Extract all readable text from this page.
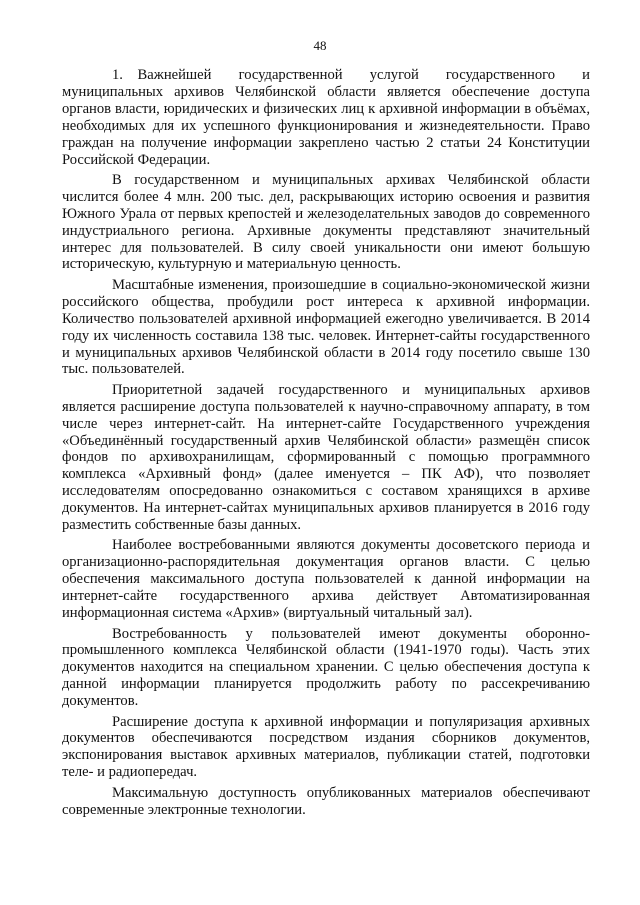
48

1. Важнейшей государственной услугой государственного и муниципальных архивов Челябинской области является обеспечение доступа органов власти, юридических и физических лиц к архивной информации в объёмах, необходимых для их успешного функционирования и жизнедеятельности. Право граждан на получение информации закреплено частью 2 статьи 24 Конституции Российской Федерации.

В государственном и муниципальных архивах Челябинской области числится более 4 млн. 200 тыс. дел, раскрывающих историю освоения и развития Южного Урала от первых крепостей и железоделательных заводов до современного индустриального региона. Архивные документы представляют значительный интерес для пользователей. В силу своей уникальности они имеют большую историческую, культурную и материальную ценность.

Масштабные изменения, произошедшие в социально-экономической жизни российского общества, пробудили рост интереса к архивной информации. Количество пользователей архивной информацией ежегодно увеличивается. В 2014 году их численность составила 138 тыс. человек. Интернет-сайты государственного и муниципальных архивов Челябинской области в 2014 году посетило свыше 130 тыс. пользователей.

Приоритетной задачей государственного и муниципальных архивов является расширение доступа пользователей к научно-справочному аппарату, в том числе через интернет-сайт. На интернет-сайте Государственного учреждения «Объединённый государственный архив Челябинской области» размещён список фондов по архивохранилищам, сформированный с помощью программного комплекса «Архивный фонд» (далее именуется – ПК АФ), что позволяет исследователям опосредованно ознакомиться с составом хранящихся в архиве документов. На интернет-сайтах муниципальных архивов планируется в 2016 году разместить собственные базы данных.

Наиболее востребованными являются документы досоветского периода и организационно-распорядительная документация органов власти. С целью обеспечения максимального доступа пользователей к данной информации на интернет-сайте государственного архива действует Автоматизированная информационная система «Архив» (виртуальный читальный зал).

Востребованность у пользователей имеют документы оборонно-промышленного комплекса Челябинской области (1941-1970 годы). Часть этих документов находится на специальном хранении. С целью обеспечения доступа к данной информации планируется продолжить работу по рассекречиванию документов.

Расширение доступа к архивной информации и популяризация архивных документов обеспечиваются посредством издания сборников документов, экспонирования выставок архивных материалов, публикации статей, подготовки теле- и радиопередач.

Максимальную доступность опубликованных материалов обеспечивают современные электронные технологии.
